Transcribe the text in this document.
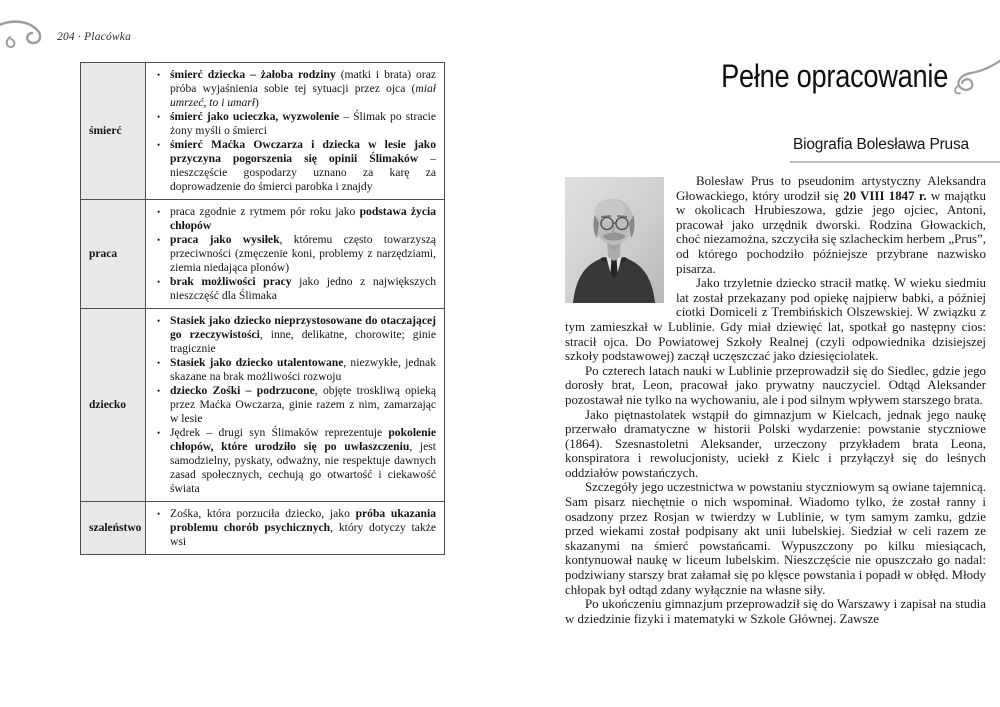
204 · Placówka
śmierć	
• śmierć dziecka – żałoba rodziny (matki i brata) oraz próba wyjaśnienia sobie tej sytuacji przez ojca (miał umrzeć, to i umarł)
• śmierć jako ucieczka, wyzwolenie – Ślimak po stracie żony myśli o śmierci
• śmierć Maćka Owczarza i dziecka w lesie jako przyczyna pogorszenia się opinii Ślimaków – nieszczęście gospodarzy uznano za karę za doprowadzenie do śmierci parobka i znajdy

praca	
• praca zgodnie z rytmem pór roku jako podstawa życia chłopów
• praca jako wysiłek, któremu często towarzyszą przeciwności (zmęczenie koni, problemy z narzędziami, ziemia niedająca plonów)
• brak możliwości pracy jako jedno z największych nieszczęść dla Ślimaka

dziecko	
• Stasiek jako dziecko nieprzystosowane do otaczającej go rzeczywistości, inne, delikatne, chorowite; ginie tragicznie
• Stasiek jako dziecko utalentowane, niezwykłe, jednak skazane na brak możliwości rozwoju
• dziecko Zośki – podrzucone, objęte troskliwą opieką przez Maćka Owczarza, ginie razem z nim, zamarzając w lesie
• Jędrek – drugi syn Ślimaków reprezentuje pokolenie chłopów, które urodziło się po uwłaszczeniu, jest samodzielny, pyskaty, odważny, nie respektuje dawnych zasad społecznych, cechują go otwartość i ciekawość świata

szaleństwo	
• Zośka, która porzuciła dziecko, jako próba ukazania problemu chorób psychicznych, który dotyczy także wsi
Pełne opracowanie
Biografia Bolesława Prusa

Bolesław Prus to pseudonim artystyczny Aleksandra Głowackiego, który urodził się 20 VIII 1847 r. w majątku w okolicach Hrubieszowa, gdzie jego ojciec, Antoni, pracował jako urzędnik dworski. Rodzina Głowackich, choć niezamożna, szczyciła się szlacheckim herbem „Prus”, od którego pochodziło późniejsze przybrane nazwisko pisarza.

Jako trzyletnie dziecko stracił matkę. W wieku siedmiu lat został przekazany pod opiekę najpierw babki, a później ciotki Domiceli z Trembińskich Olszewskiej. W związku z tym zamieszkał w Lublinie. Gdy miał dziewięć lat, spotkał go następny cios: stracił ojca. Do Powiatowej Szkoły Realnej (czyli odpowiednika dzisiejszej szkoły podstawowej) zaczął uczęszczać jako dziesięciolatek.

Po czterech latach nauki w Lublinie przeprowadził się do Siedlec, gdzie jego dorosły brat, Leon, pracował jako prywatny nauczyciel. Odtąd Aleksander pozostawał nie tylko na wychowaniu, ale i pod silnym wpływem starszego brata.

Jako piętnastolatek wstąpił do gimnazjum w Kielcach, jednak jego naukę przerwało dramatyczne w historii Polski wydarzenie: powstanie styczniowe (1864). Szesnastoletni Aleksander, urzeczony przykładem brata Leona, konspiratora i rewolucjonisty, uciekł z Kielc i przyłączył się do leśnych oddziałów powstańczych.

Szczegóły jego uczestnictwa w powstaniu styczniowym są owiane tajemnicą. Sam pisarz niechętnie o nich wspominał. Wiadomo tylko, że został ranny i osadzony przez Rosjan w twierdzy w Lublinie, w tym samym zamku, gdzie przed wiekami został podpisany akt unii lubelskiej. Siedział w celi razem ze skazanymi na śmierć powstańcami. Wypuszczony po kilku miesiącach, kontynuował naukę w liceum lubelskim. Nieszczęście nie opuszczało go nadal: podziwiany starszy brat załamał się po klęsce powstania i popadł w obłęd. Młody chłopak był odtąd zdany wyłącznie na własne siły.

Po ukończeniu gimnazjum przeprowadził się do Warszawy i zapisał na studia w dziedzinie fizyki i matematyki w Szkole Głównej. Zawsze
